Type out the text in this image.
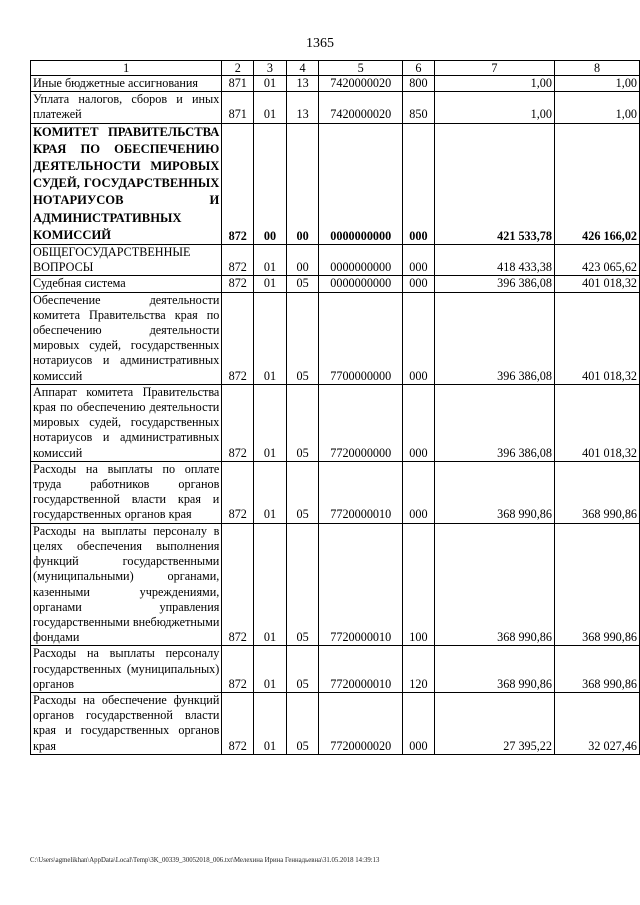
1365
1	2	3	4	5	6	7	8
Иные бюджетные ассигнования	871	01	13	7420000020	800	1,00	1,00
Уплата налогов, сборов и иных платежей	871	01	13	7420000020	850	1,00	1,00
КОМИТЕТ ПРАВИТЕЛЬСТВА КРАЯ ПО ОБЕСПЕЧЕНИЮ ДЕЯТЕЛЬНОСТИ МИРОВЫХ СУДЕЙ, ГОСУДАРСТВЕННЫХ НОТАРИУСОВ И АДМИНИСТРАТИВНЫХ КОМИССИЙ	872	00	00	0000000000	000	421 533,78	426 166,02
ОБЩЕГОСУДАРСТВЕННЫЕ ВОПРОСЫ	872	01	00	0000000000	000	418 433,38	423 065,62
Судебная система	872	01	05	0000000000	000	396 386,08	401 018,32
Обеспечение деятельности комитета Правительства края по обеспечению деятельности мировых судей, государственных нотариусов и административных комиссий	872	01	05	7700000000	000	396 386,08	401 018,32
Аппарат комитета Правительства края по обеспечению деятельности мировых судей, государственных нотариусов и административных комиссий	872	01	05	7720000000	000	396 386,08	401 018,32
Расходы на выплаты по оплате труда работников органов государственной власти края и государственных органов края	872	01	05	7720000010	000	368 990,86	368 990,86
Расходы на выплаты персоналу в целях обеспечения выполнения функций государственными (муниципальными) органами, казенными учреждениями, органами управления государственными внебюджетными фондами	872	01	05	7720000010	100	368 990,86	368 990,86
Расходы на выплаты персоналу государственных (муниципальных) органов	872	01	05	7720000010	120	368 990,86	368 990,86
Расходы на обеспечение функций органов государственной власти края и государственных органов края	872	01	05	7720000020	000	27 395,22	32 027,46
C:\Users\agmelikhan\AppData\Local\Temp\3K_00339_30052018_006.txt\Мелехина Ирина Геннадьевна\31.05.2018 14:39:13
